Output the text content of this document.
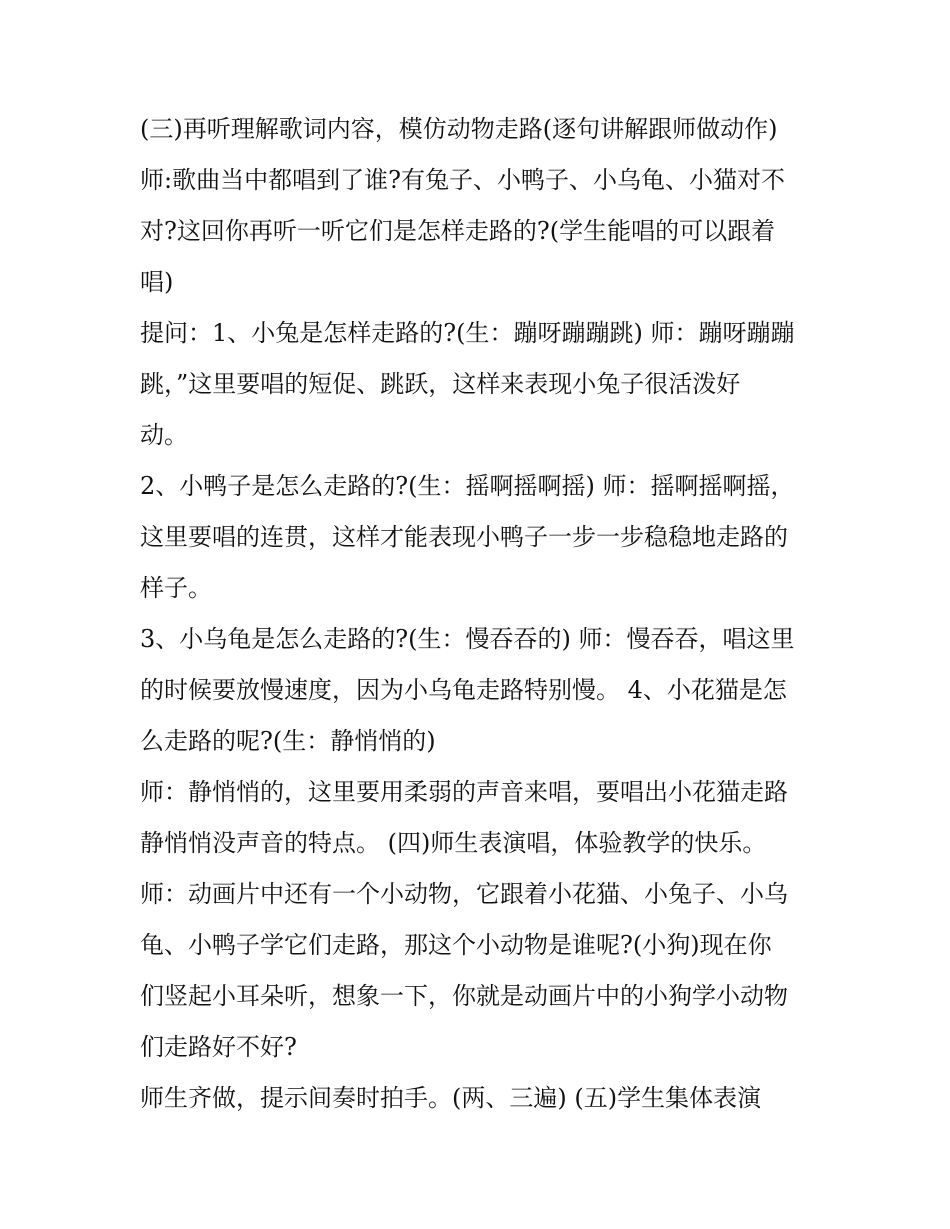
(三)再听理解歌词内容，模仿动物走路(逐句讲解跟师做动作)
师:歌曲当中都唱到了谁?有兔子、小鸭子、小乌龟、小猫对不
对?这回你再听一听它们是怎样走路的?(学生能唱的可以跟着
唱)
提问：1、小兔是怎样走路的?(生：蹦呀蹦蹦跳) 师：蹦呀蹦蹦
跳，”这里要唱的短促、跳跃，这样来表现小兔子很活泼好
动。
2、小鸭子是怎么走路的?(生：摇啊摇啊摇) 师：摇啊摇啊摇，
这里要唱的连贯，这样才能表现小鸭子一步一步稳稳地走路的
样子。
3、小乌龟是怎么走路的?(生：慢吞吞的) 师：慢吞吞，唱这里
的时候要放慢速度，因为小乌龟走路特别慢。 4、小花猫是怎
么走路的呢?(生：静悄悄的)
师：静悄悄的，这里要用柔弱的声音来唱，要唱出小花猫走路
静悄悄没声音的特点。 (四)师生表演唱，体验教学的快乐。
师：动画片中还有一个小动物，它跟着小花猫、小兔子、小乌
龟、小鸭子学它们走路，那这个小动物是谁呢?(小狗)现在你
们竖起小耳朵听，想象一下，你就是动画片中的小狗学小动物
们走路好不好?
师生齐做，提示间奏时拍手。(两、三遍) (五)学生集体表演
